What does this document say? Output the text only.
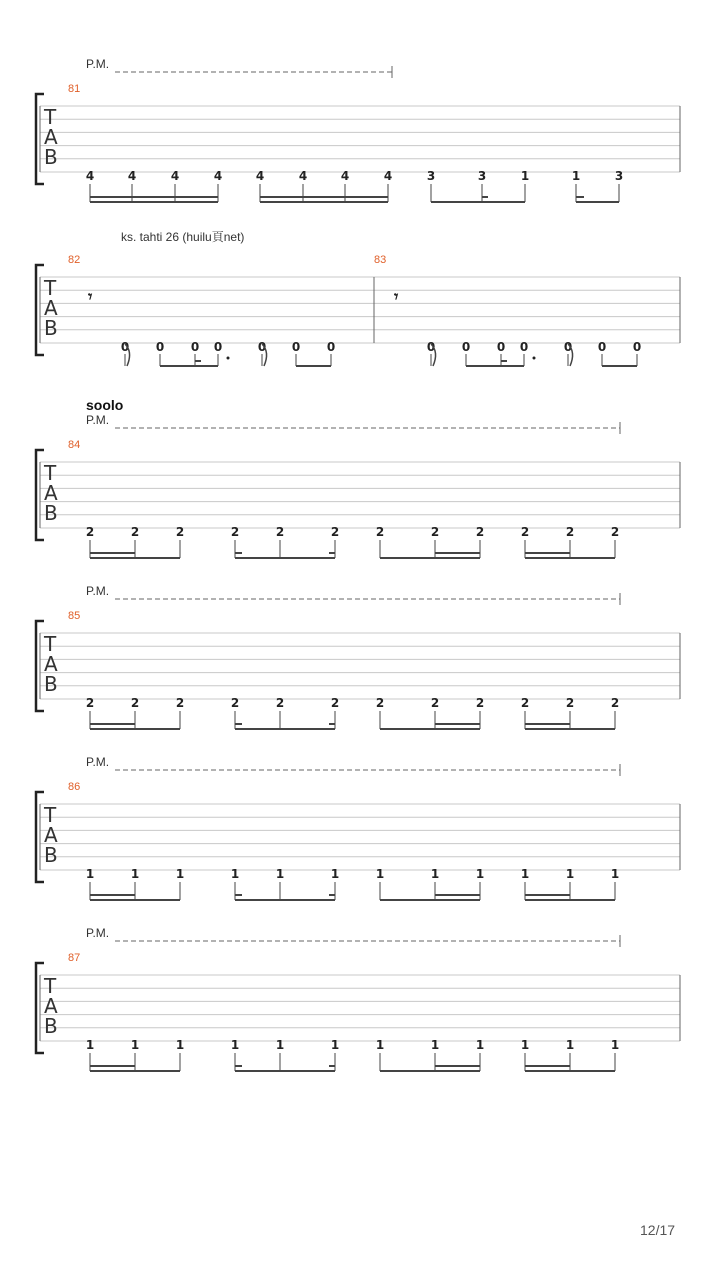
4	4	4	4	4	4	4	4	3	3	1	1	3
𝄾
0 0 0 0	0 0 0
𝄾
0 0 0 0	0 0 0
2	2	2	2	2	2	2	2	2	2	2	2
2	2	2	2	2	2	2	2	2	2	2	2
1	1	1	1	1	1	1	1	1	1	1	1
1	1	1	1	1	1	1	1	1	1	1	1
T
A
B
81
P.M.
T
A
B
82	83
ks. tahti 26 (huilu頁net)
T
A
B
84
P.M.
soolo
T
A
B
85
P.M.
T
A
B
86
P.M.
T
A
B
87
P.M.
12/17
